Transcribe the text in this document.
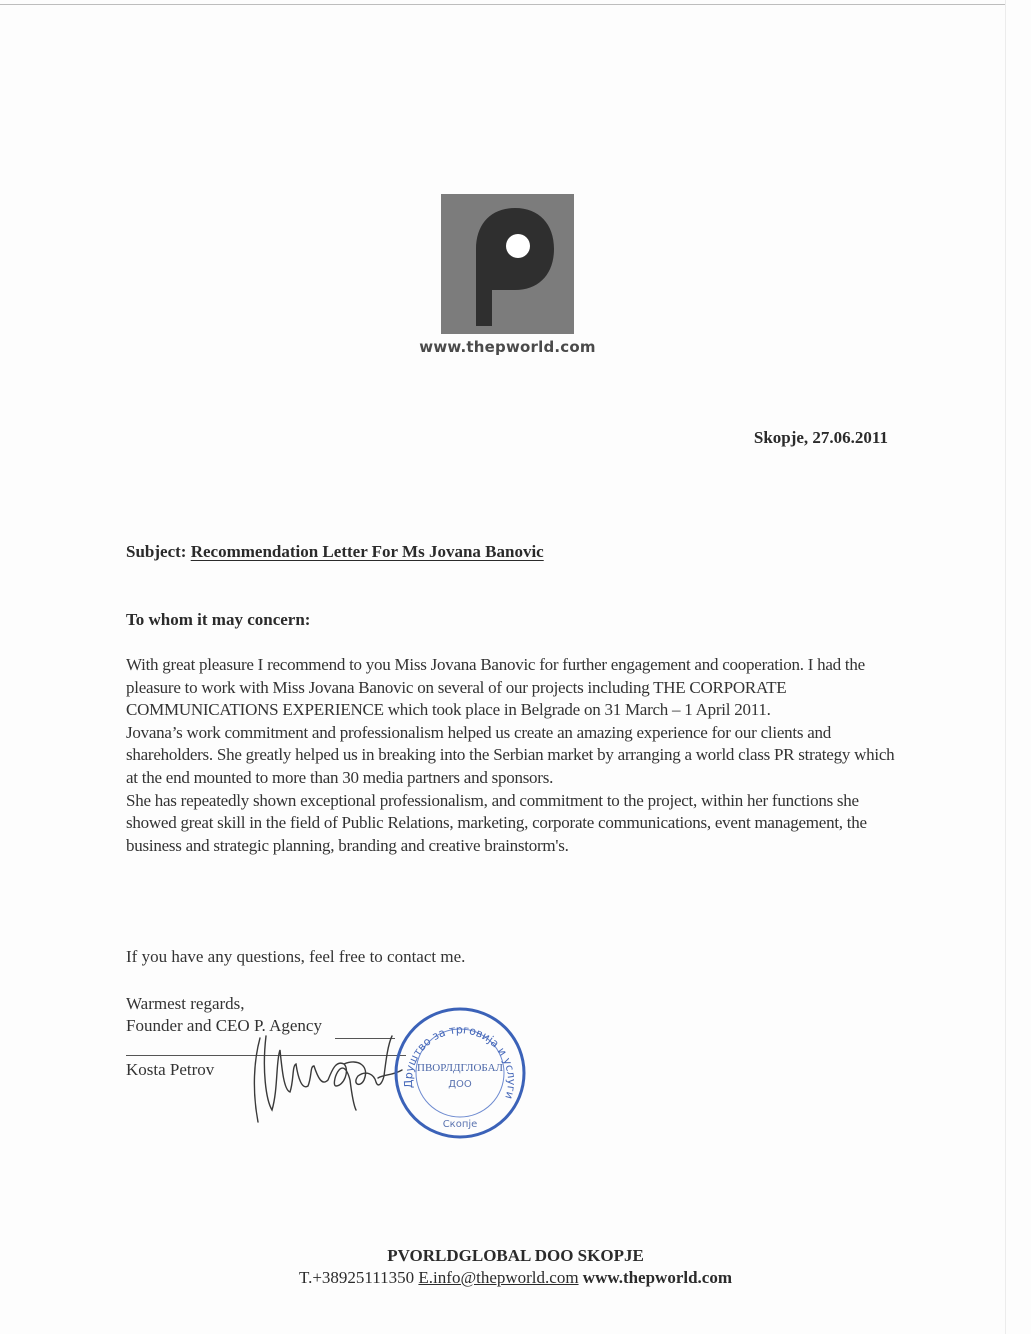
www.thepworld.com
Skopje, 27.06.2011
Subject: Recommendation Letter For Ms Jovana Banovic
To whom it may concern:

With great pleasure I recommend to you Miss Jovana Banovic for further engagement and cooperation. I had the pleasure to work with Miss Jovana Banovic on several of our projects including THE CORPORATE COMMUNICATIONS EXPERIENCE which took place in Belgrade on 31 March – 1 April 2011.

Jovana’s work commitment and professionalism helped us create an amazing experience for our clients and shareholders. She greatly helped us in breaking into the Serbian market by arranging a world class PR strategy which at the end mounted to more than 30 media partners and sponsors.

She has repeatedly shown exceptional professionalism, and commitment to the project, within her functions she showed great skill in the field of Public Relations, marketing, corporate communications, event management, the business and strategic planning, branding and creative brainstorm's.

If you have any questions, feel free to contact me.
Warmest regards,
Founder and CEO P. Agency
Kosta Petrov
Друштво за трговија и услуги
ПВОРЛДГЛОБАЛ
ДОО
Скопје
PVORLDGLOBAL DOO SKOPJE
T.+38925111350 E.info@thepworld.com www.thepworld.com
